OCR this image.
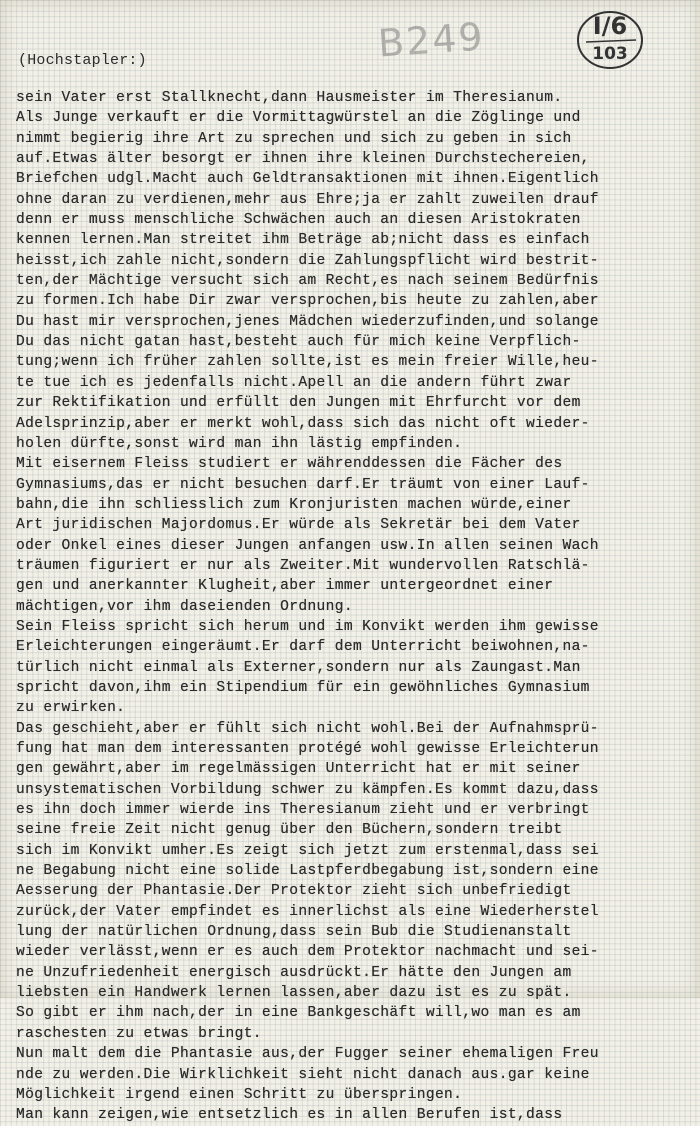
(Hochstapler:)	B249	I/6
103
sein Vater erst Stallknecht,dann Hausmeister im Theresianum.
Als Junge verkauft er die Vormittagwürstel an die Zöglinge und
nimmt begierig ihre Art zu sprechen und sich zu geben in sich
auf.Etwas älter besorgt er ihnen ihre kleinen Durchstechereien,
Briefchen udgl.Macht auch Geldtransaktionen mit ihnen.Eigentlich
ohne daran zu verdienen,mehr aus Ehre;ja er zahlt zuweilen drauf
denn er muss menschliche Schwächen auch an diesen Aristokraten
kennen lernen.Man streitet ihm Beträge ab;nicht dass es einfach
heisst,ich zahle nicht,sondern die Zahlungspflicht wird bestrit-
ten,der Mächtige versucht sich am Recht,es nach seinem Bedürfnis
zu formen.Ich habe Dir zwar versprochen,bis heute zu zahlen,aber
Du hast mir versprochen,jenes Mädchen wiederzufinden,und solange
Du das nicht gatan hast,besteht auch für mich keine Verpflich-
tung;wenn ich früher zahlen sollte,ist es mein freier Wille,heu-
te tue ich es jedenfalls nicht.Apell an die andern führt zwar
zur Rektifikation und erfüllt den Jungen mit Ehrfurcht vor dem
Adelsprinzip,aber er merkt wohl,dass sich das nicht oft wieder-
holen dürfte,sonst wird man ihn lästig empfinden.
Mit eisernem Fleiss studiert er währenddessen die Fächer des
Gymnasiums,das er nicht besuchen darf.Er träumt von einer Lauf-
bahn,die ihn schliesslich zum Kronjuristen machen würde,einer
Art juridischen Majordomus.Er würde als Sekretär bei dem Vater
oder Onkel eines dieser Jungen anfangen usw.In allen seinen Wach
träumen figuriert er nur als Zweiter.Mit wundervollen Ratschlä-
gen und anerkannter Klugheit,aber immer untergeordnet einer
mächtigen,vor ihm daseienden Ordnung.
Sein Fleiss spricht sich herum und im Konvikt werden ihm gewisse
Erleichterungen eingeräumt.Er darf dem Unterricht beiwohnen,na-
türlich nicht einmal als Externer,sondern nur als Zaungast.Man
spricht davon,ihm ein Stipendium für ein gewöhnliches Gymnasium
zu erwirken.
Das geschieht,aber er fühlt sich nicht wohl.Bei der Aufnahmsprü-
fung hat man dem interessanten protégé wohl gewisse Erleichterun
gen gewährt,aber im regelmässigen Unterricht hat er mit seiner
unsystematischen Vorbildung schwer zu kämpfen.Es kommt dazu,dass
es ihn doch immer wierde ins Theresianum zieht und er verbringt
seine freie Zeit nicht genug über den Büchern,sondern treibt
sich im Konvikt umher.Es zeigt sich jetzt zum erstenmal,dass sei
ne Begabung nicht eine solide Lastpferdbegabung ist,sondern eine
Aesserung der Phantasie.Der Protektor zieht sich unbefriedigt
zurück,der Vater empfindet es innerlichst als eine Wiederherstel
lung der natürlichen Ordnung,dass sein Bub die Studienanstalt
wieder verlässt,wenn er es auch dem Protektor nachmacht und sei-
ne Unzufriedenheit energisch ausdrückt.Er hätte den Jungen am
liebsten ein Handwerk lernen lassen,aber dazu ist es zu spät.
So gibt er ihm nach,der in eine Bankgeschäft will,wo man es am
raschesten zu etwas bringt.
Nun malt dem die Phantasie aus,der Fugger seiner ehemaligen Freu
nde zu werden.Die Wirklichkeit sieht nicht danach aus.gar keine
Möglichkeit irgend einen Schritt zu überspringen.
Man kann zeigen,wie entsetzlich es in allen Berufen ist,dass
